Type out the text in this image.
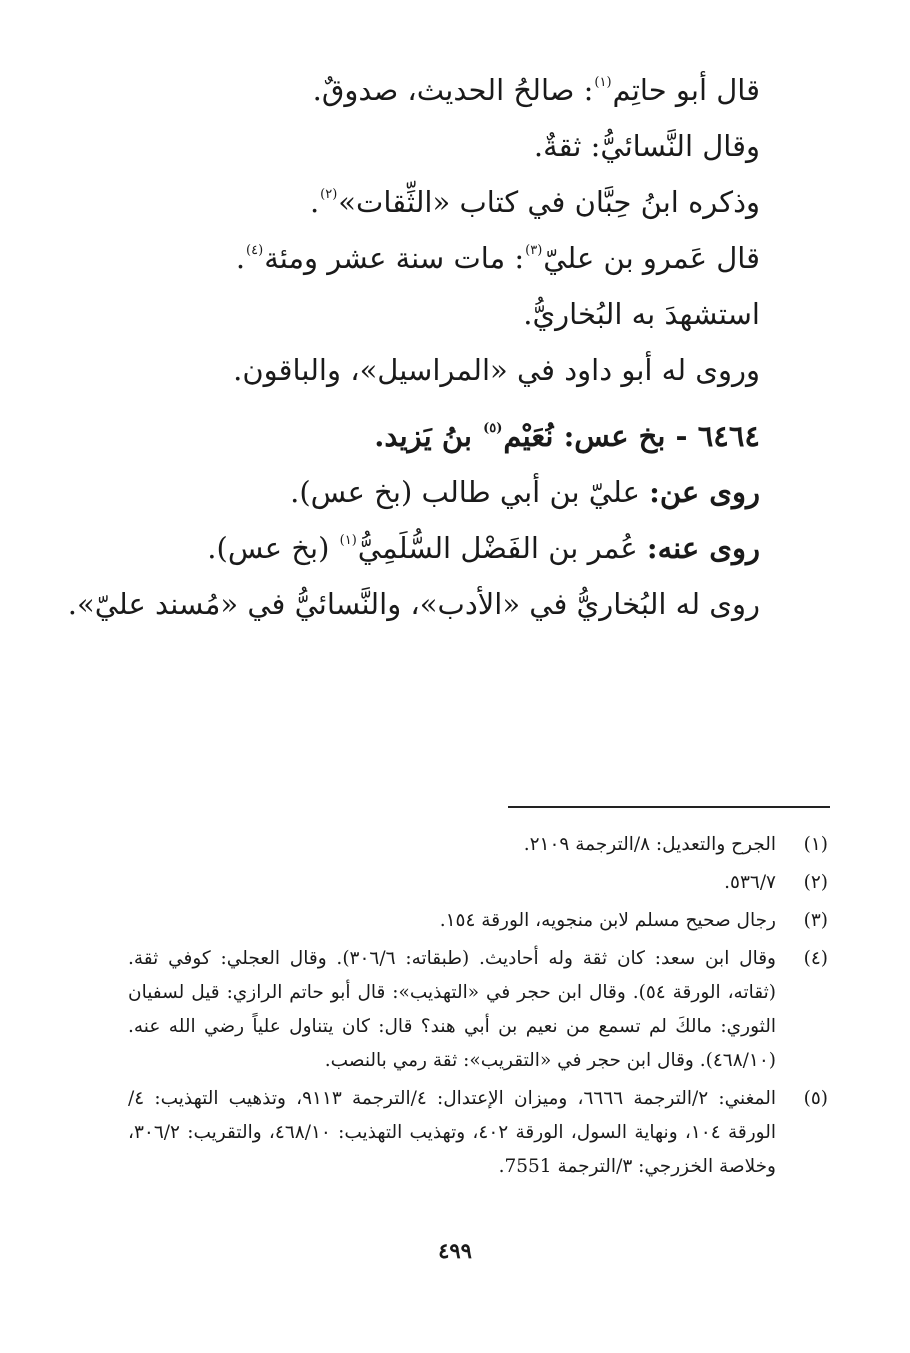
قال أبو حاتِم$^{(١)}$: صالحُ الحديث، صدوقٌ.
وقال النَّسائيُّ: ثقةٌ.
وذكره ابنُ حِبَّان في كتاب «الثِّقات»$^{(٢)}$.
قال عَمرو بن عليّ$^{(٣)}$: مات سنة عشر ومئة$^{(٤)}$.
استشهدَ به البُخاريُّ.
وروى له أبو داود في «المراسيل»، والباقون.
٦٤٦٤ - بخ عس: نُعَيْم$^{(٥)}$ بنُ يَزيد.
روى عن: عليّ بن أبي طالب (بخ عس).
روى عنه: عُمر بن الفَضْل السُّلَمِيُّ$^{(١)}$ (بخ عس).
روى له البُخاريُّ في «الأدب»، والنَّسائيُّ في «مُسند عليّ».
(١)
الجرح والتعديل: ٨/الترجمة ٢١٠٩.
(٢)
٥٣٦/٧.
(٣)
رجال صحيح مسلم لابن منجويه، الورقة ١٥٤.
(٤)
وقال ابن سعد: كان ثقة وله أحاديث. (طبقاته: ٣٠٦/٦). وقال العجلي: كوفي ثقة. (ثقاته، الورقة ٥٤). وقال ابن حجر في «التهذيب»: قال أبو حاتم الرازي: قيل لسفيان الثوري: مالكَ لم تسمع من نعيم بن أبي هند؟ قال: كان يتناول علياً رضي الله عنه. (٤٦٨/١٠). وقال ابن حجر في «التقريب»: ثقة رمي بالنصب.
(٥)
المغني: ٢/الترجمة ٦٦٦٦، وميزان الإعتدال: ٤/الترجمة ٩١١٣، وتذهيب التهذيب: ٤/الورقة ١٠٤، ونهاية السول، الورقة ٤٠٢، وتهذيب التهذيب: ٤٦٨/١٠، والتقريب: ٣٠٦/٢، وخلاصة الخزرجي: ٣/الترجمة 7551.
٤٩٩
